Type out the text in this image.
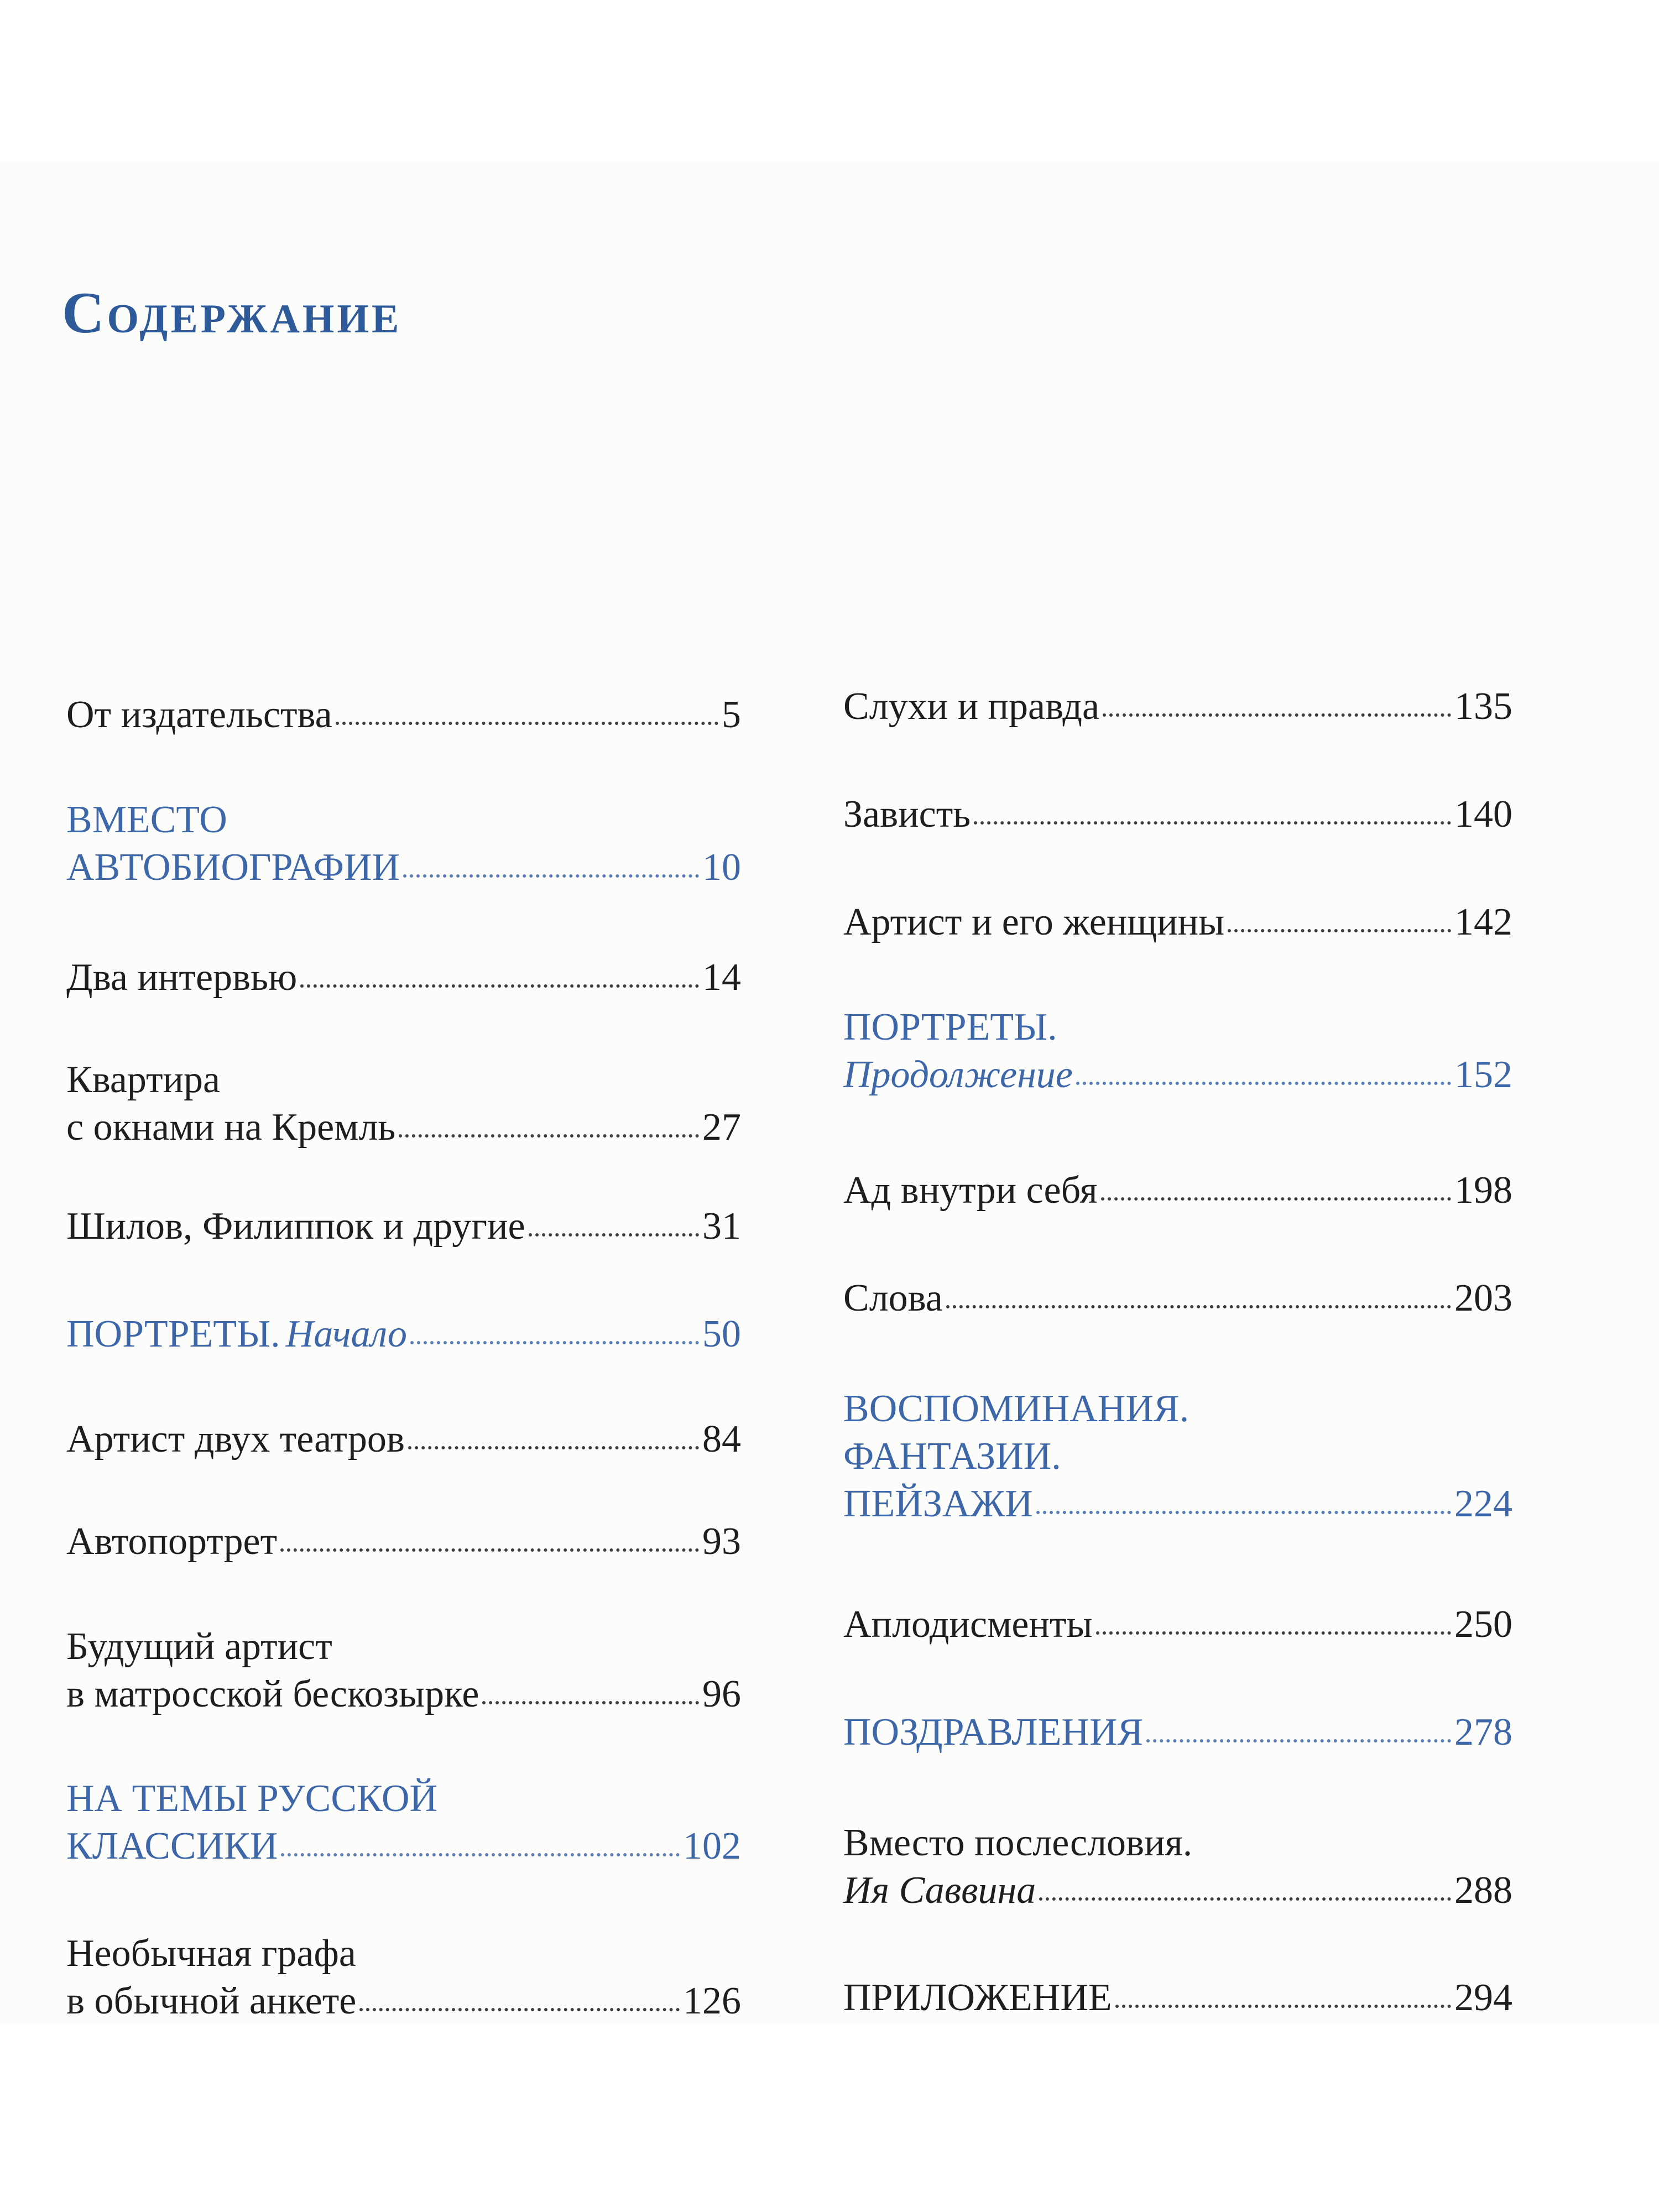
Содержание
От издательства	5
ВМЕСТО
АВТОБИОГРАФИИ	10
Два интервью	14
Квартира
с окнами на Кремль	27
Шилов, Филиппок и другие	31
ПОРТРЕТЫ. Начало	50
Артист двух театров	84
Автопортрет	93
Будущий артист
в матросской бескозырке	96
НА ТЕМЫ РУССКОЙ
КЛАССИКИ	102
Необычная графа
в обычной анкете	126
Слухи и правда	135
Зависть	140
Артист и его женщины	142
ПОРТРЕТЫ.
Продолжение	152
Ад внутри себя	198
Слова	203
ВОСПОМИНАНИЯ.
ФАНТАЗИИ.
ПЕЙЗАЖИ	224
Аплодисменты	250
ПОЗДРАВЛЕНИЯ	278
Вместо послесловия.
Ия Саввина	288
ПРИЛОЖЕНИЕ	294
